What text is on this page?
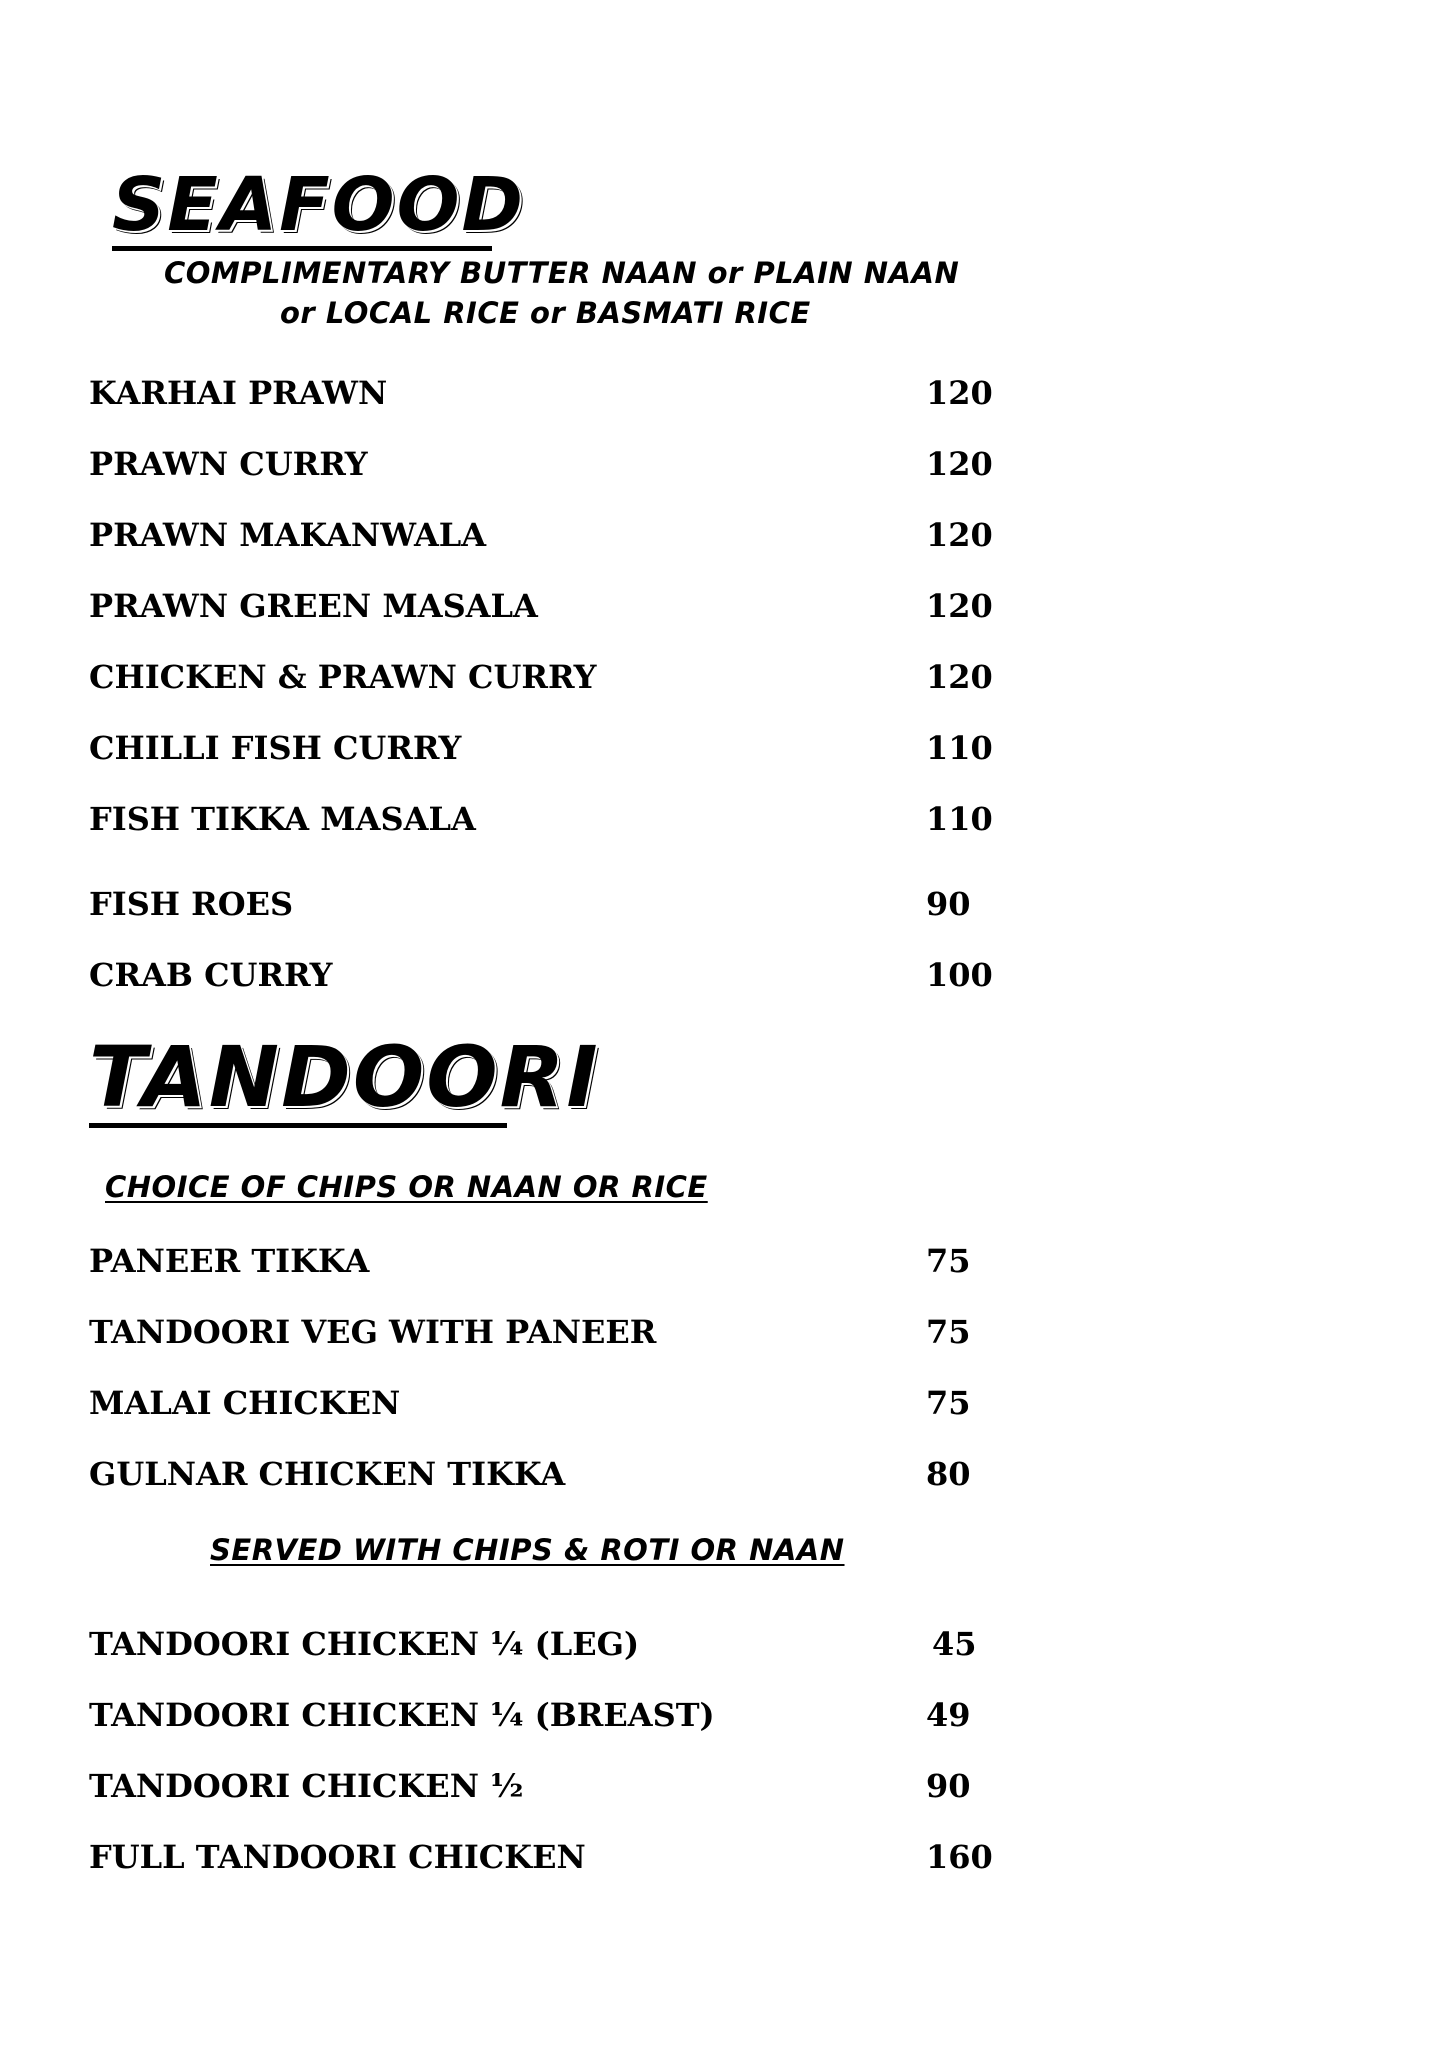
SEAFOOD
COMPLIMENTARY BUTTER NAAN or PLAIN NAAN
or LOCAL RICE or BASMATI RICE
KARHAI PRAWN	120
PRAWN CURRY	120
PRAWN MAKANWALA	120
PRAWN GREEN MASALA	120
CHICKEN & PRAWN CURRY	120
CHILLI FISH CURRY	110
FISH TIKKA MASALA	110
FISH ROES	90
CRAB CURRY	100
TANDOORI
CHOICE OF CHIPS OR NAAN OR RICE
PANEER TIKKA	75
TANDOORI VEG WITH PANEER	75
MALAI CHICKEN	75
GULNAR CHICKEN TIKKA	80
SERVED WITH CHIPS & ROTI OR NAAN
TANDOORI CHICKEN ¼ (LEG)	45
TANDOORI CHICKEN ¼ (BREAST)	49
TANDOORI CHICKEN ½	90
FULL TANDOORI CHICKEN	160
